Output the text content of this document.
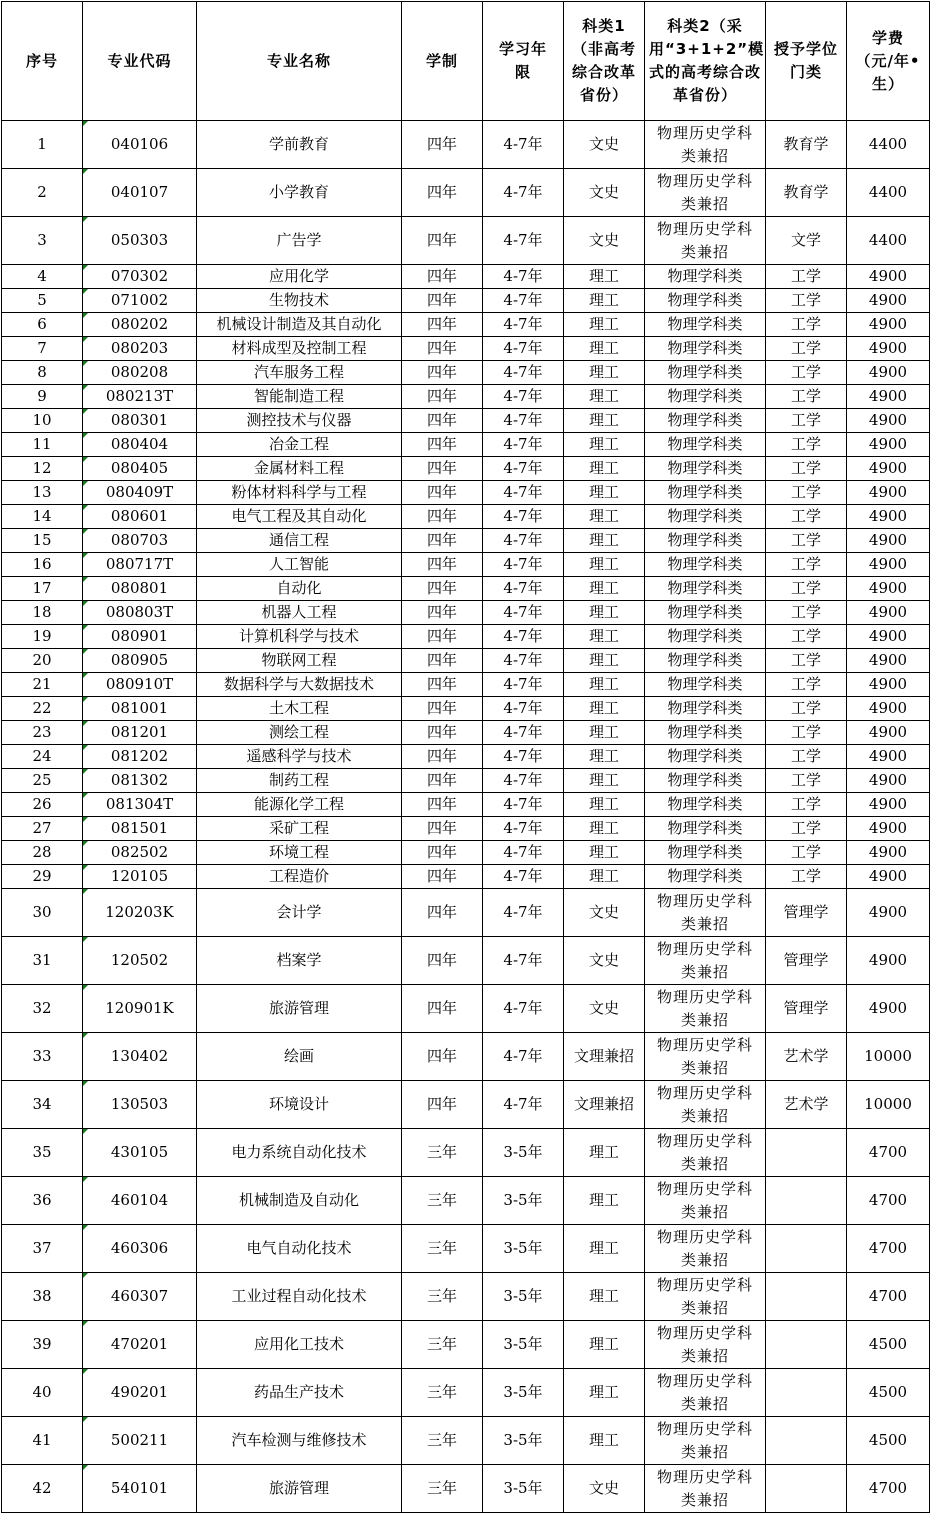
序号	专业代码	专业名称	学制	学习年限	科类1（非高考综合改革省份）	科类2（采用“3+1+2”模式的高考综合改革省份）	授予学位门类	学费（元/年•生）
1	040106	学前教育	四年	4-7年	文史	物理历史学科类兼招	教育学	4400
2	040107	小学教育	四年	4-7年	文史	物理历史学科类兼招	教育学	4400
3	050303	广告学	四年	4-7年	文史	物理历史学科类兼招	文学	4400
4	070302	应用化学	四年	4-7年	理工	物理学科类	工学	4900
5	071002	生物技术	四年	4-7年	理工	物理学科类	工学	4900
6	080202	机械设计制造及其自动化	四年	4-7年	理工	物理学科类	工学	4900
7	080203	材料成型及控制工程	四年	4-7年	理工	物理学科类	工学	4900
8	080208	汽车服务工程	四年	4-7年	理工	物理学科类	工学	4900
9	080213T	智能制造工程	四年	4-7年	理工	物理学科类	工学	4900
10	080301	测控技术与仪器	四年	4-7年	理工	物理学科类	工学	4900
11	080404	冶金工程	四年	4-7年	理工	物理学科类	工学	4900
12	080405	金属材料工程	四年	4-7年	理工	物理学科类	工学	4900
13	080409T	粉体材料科学与工程	四年	4-7年	理工	物理学科类	工学	4900
14	080601	电气工程及其自动化	四年	4-7年	理工	物理学科类	工学	4900
15	080703	通信工程	四年	4-7年	理工	物理学科类	工学	4900
16	080717T	人工智能	四年	4-7年	理工	物理学科类	工学	4900
17	080801	自动化	四年	4-7年	理工	物理学科类	工学	4900
18	080803T	机器人工程	四年	4-7年	理工	物理学科类	工学	4900
19	080901	计算机科学与技术	四年	4-7年	理工	物理学科类	工学	4900
20	080905	物联网工程	四年	4-7年	理工	物理学科类	工学	4900
21	080910T	数据科学与大数据技术	四年	4-7年	理工	物理学科类	工学	4900
22	081001	土木工程	四年	4-7年	理工	物理学科类	工学	4900
23	081201	测绘工程	四年	4-7年	理工	物理学科类	工学	4900
24	081202	遥感科学与技术	四年	4-7年	理工	物理学科类	工学	4900
25	081302	制药工程	四年	4-7年	理工	物理学科类	工学	4900
26	081304T	能源化学工程	四年	4-7年	理工	物理学科类	工学	4900
27	081501	采矿工程	四年	4-7年	理工	物理学科类	工学	4900
28	082502	环境工程	四年	4-7年	理工	物理学科类	工学	4900
29	120105	工程造价	四年	4-7年	理工	物理学科类	工学	4900
30	120203K	会计学	四年	4-7年	文史	物理历史学科类兼招	管理学	4900
31	120502	档案学	四年	4-7年	文史	物理历史学科类兼招	管理学	4900
32	120901K	旅游管理	四年	4-7年	文史	物理历史学科类兼招	管理学	4900
33	130402	绘画	四年	4-7年	文理兼招	物理历史学科类兼招	艺术学	10000
34	130503	环境设计	四年	4-7年	文理兼招	物理历史学科类兼招	艺术学	10000
35	430105	电力系统自动化技术	三年	3-5年	理工	物理历史学科类兼招		4700
36	460104	机械制造及自动化	三年	3-5年	理工	物理历史学科类兼招		4700
37	460306	电气自动化技术	三年	3-5年	理工	物理历史学科类兼招		4700
38	460307	工业过程自动化技术	三年	3-5年	理工	物理历史学科类兼招		4700
39	470201	应用化工技术	三年	3-5年	理工	物理历史学科类兼招		4500
40	490201	药品生产技术	三年	3-5年	理工	物理历史学科类兼招		4500
41	500211	汽车检测与维修技术	三年	3-5年	理工	物理历史学科类兼招		4500
42	540101	旅游管理	三年	3-5年	文史	物理历史学科类兼招		4700
